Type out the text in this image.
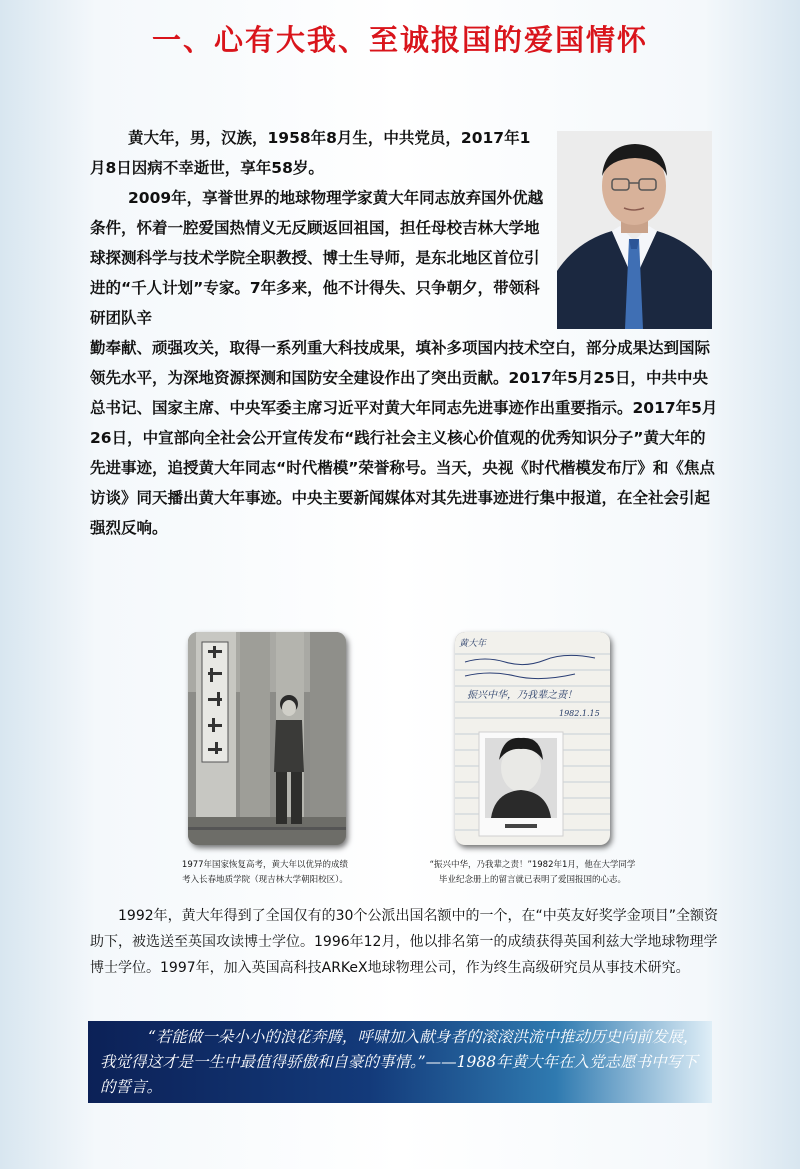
一、心有大我、至诚报国的爱国情怀

黄大年，男，汉族，1958年8月生，中共党员，2017年1月8日因病不幸逝世，享年58岁。

2009年，享誉世界的地球物理学家黄大年同志放弃国外优越条件，怀着一腔爱国热情义无反顾返回祖国，担任母校吉林大学地球探测科学与技术学院全职教授、博士生导师，是东北地区首位引进的“千人计划”专家。7年多来，他不计得失、只争朝夕，带领科研团队辛

勤奉献、顽强攻关，取得一系列重大科技成果，填补多项国内技术空白，部分成果达到国际领先水平，为深地资源探测和国防安全建设作出了突出贡献。2017年5月25日，中共中央总书记、国家主席、中央军委主席习近平对黄大年同志先进事迹作出重要指示。2017年5月26日，中宣部向全社会公开宣传发布“践行社会主义核心价值观的优秀知识分子”黄大年的先进事迹，追授黄大年同志“时代楷模”荣誉称号。当天，央视《时代楷模发布厅》和《焦点访谈》同天播出黄大年事迹。中央主要新闻媒体对其先进事迹进行集中报道，在全社会引起强烈反响。

黄大年
振兴中华，乃我辈之责！
1982.1.15

1977年国家恢复高考，黄大年以优异的成绩
考入长春地质学院（现吉林大学朝阳校区）。

“振兴中华，乃我辈之责！”1982年1月，他在大学同学
毕业纪念册上的留言就已表明了爱国报国的心志。

1992年，黄大年得到了全国仅有的30个公派出国名额中的一个，在“中英友好奖学金项目”全额资助下，被选送至英国攻读博士学位。1996年12月，他以排名第一的成绩获得英国利兹大学地球物理学博士学位。1997年，加入英国高科技ARKeX地球物理公司，作为终生高级研究员从事技术研究。

“若能做一朵小小的浪花奔腾，呼啸加入献身者的滚滚洪流中推动历史向前发展，我觉得这才是一生中最值得骄傲和自豪的事情。”——1988年黄大年在入党志愿书中写下的誓言。
